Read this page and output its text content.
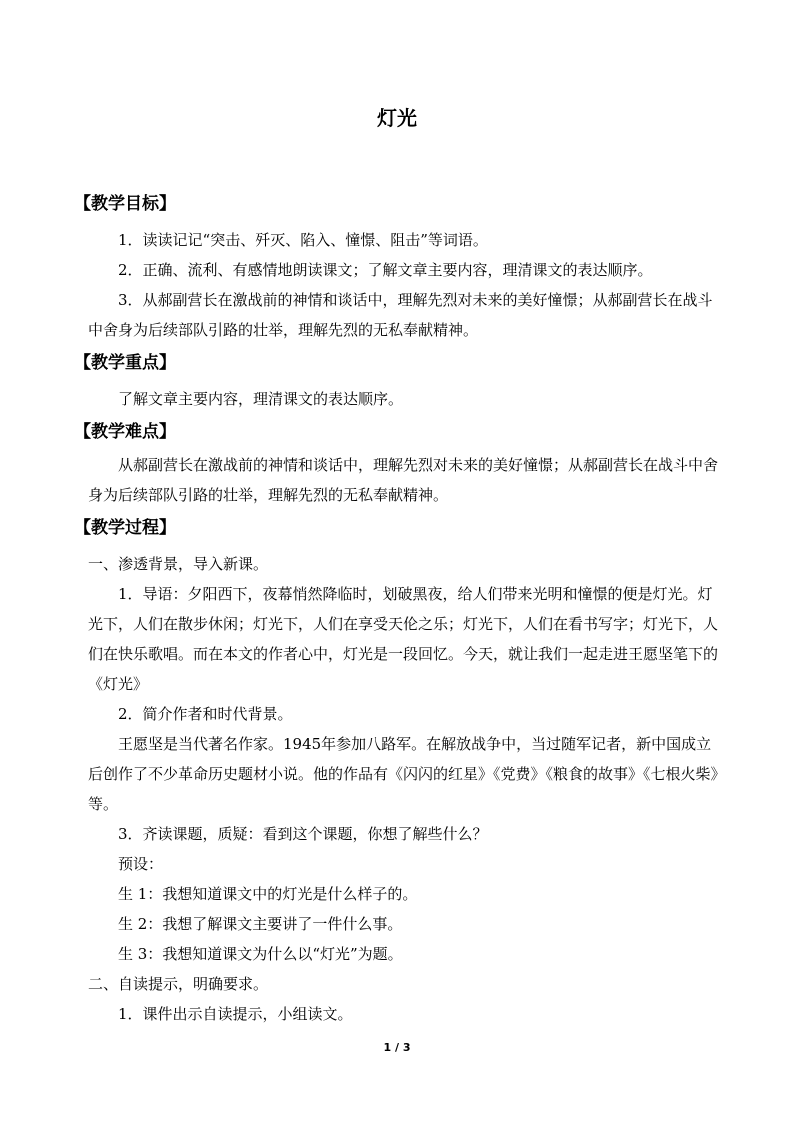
灯光
【教学目标】

1．读读记记“突击、歼灭、陷入、憧憬、阻击”等词语。

2．正确、流利、有感情地朗读课文；了解文章主要内容，理清课文的表达顺序。

3．从郝副营长在激战前的神情和谈话中，理解先烈对未来的美好憧憬；从郝副营长在战斗中舍身为后续部队引路的壮举，理解先烈的无私奉献精神。

【教学重点】

了解文章主要内容，理清课文的表达顺序。

【教学难点】

从郝副营长在激战前的神情和谈话中，理解先烈对未来的美好憧憬；从郝副营长在战斗中舍身为后续部队引路的壮举，理解先烈的无私奉献精神。

【教学过程】

一、渗透背景，导入新课。

1．导语：夕阳西下，夜幕悄然降临时，划破黑夜，给人们带来光明和憧憬的便是灯光。灯光下，人们在散步休闲；灯光下，人们在享受天伦之乐；灯光下，人们在看书写字；灯光下，人们在快乐歌唱。而在本文的作者心中，灯光是一段回忆。今天，就让我们一起走进王愿坚笔下的《灯光》

2．简介作者和时代背景。

王愿坚是当代著名作家。1945年参加八路军。在解放战争中，当过随军记者，新中国成立后创作了不少革命历史题材小说。他的作品有《闪闪的红星》《党费》《粮食的故事》《七根火柴》等。

3．齐读课题，质疑：看到这个课题，你想了解些什么？

预设：

生 1：我想知道课文中的灯光是什么样子的。

生 2：我想了解课文主要讲了一件什么事。

生 3：我想知道课文为什么以“灯光”为题。

二、自读提示，明确要求。

1．课件出示自读提示，小组读文。

1 / 3
